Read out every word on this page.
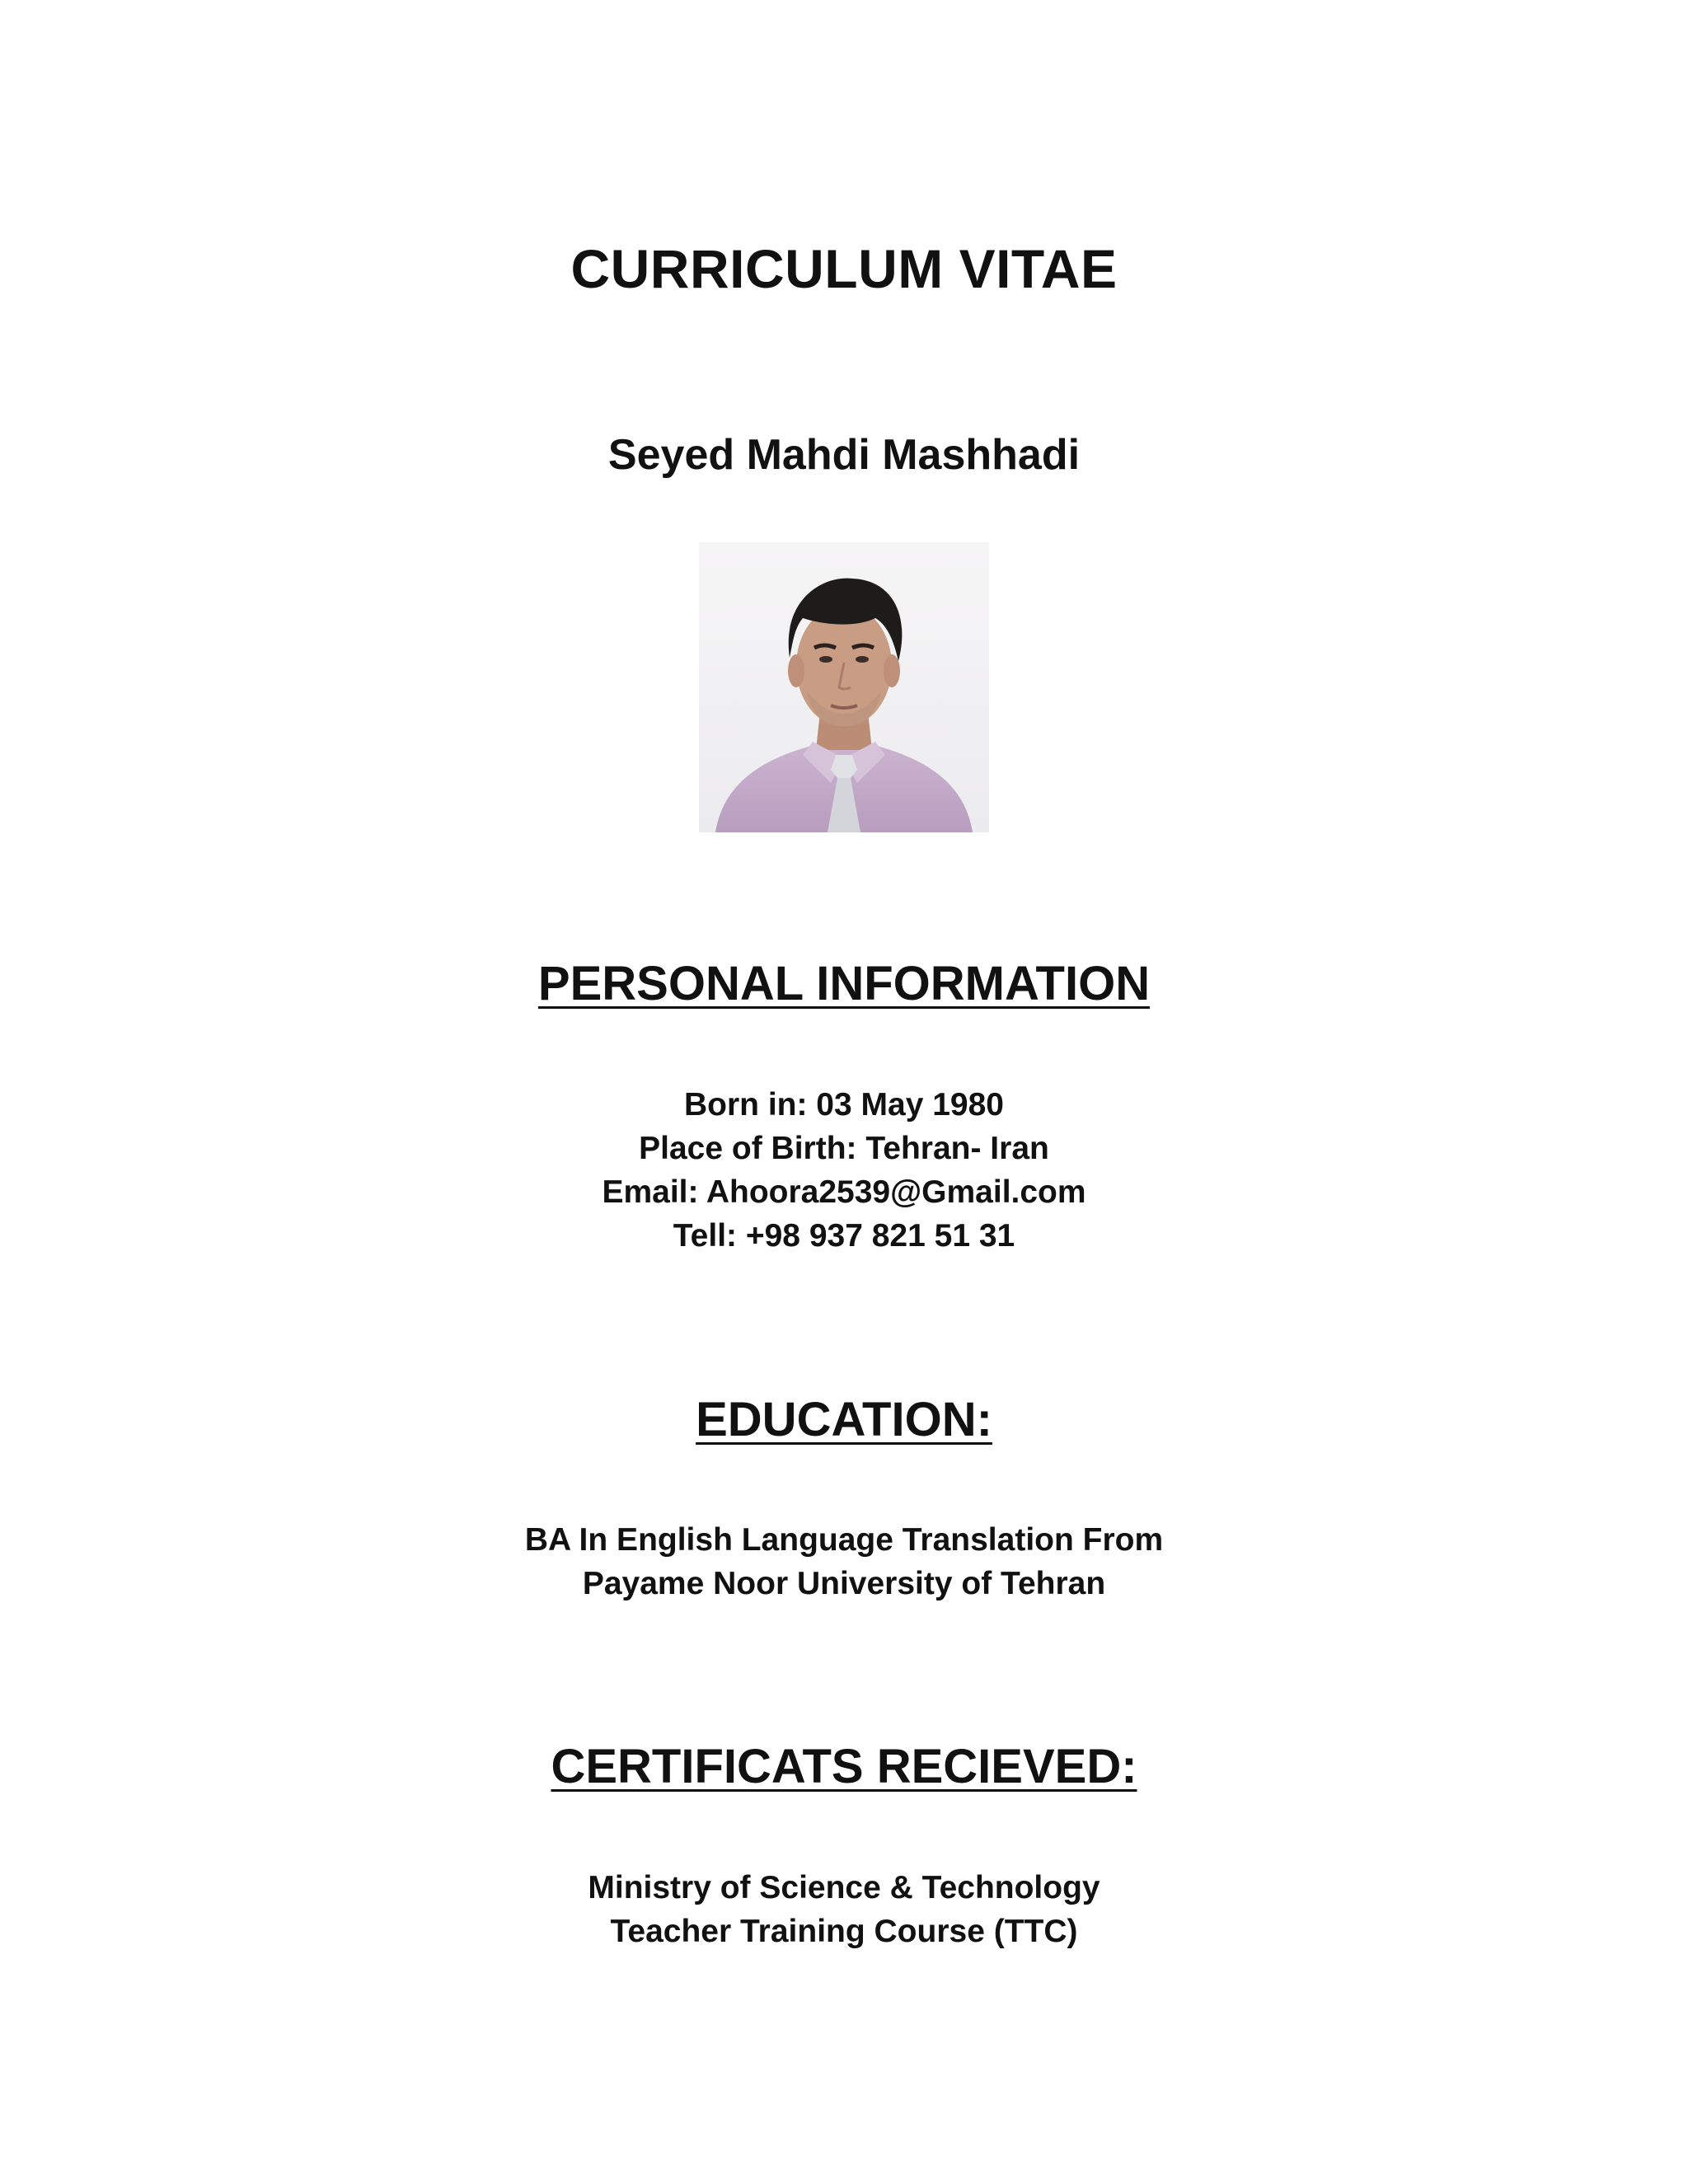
CURRICULUM VITAE
Seyed Mahdi Mashhadi
PERSONAL INFORMATION
Born in: 03 May 1980
Place of Birth: Tehran- Iran
Email: Ahoora2539@Gmail.com
Tell: +98 937 821 51 31
EDUCATION:
BA In English Language Translation From
Payame Noor University of Tehran
CERTIFICATS RECIEVED:
Ministry of Science & Technology
Teacher Training Course (TTC)
